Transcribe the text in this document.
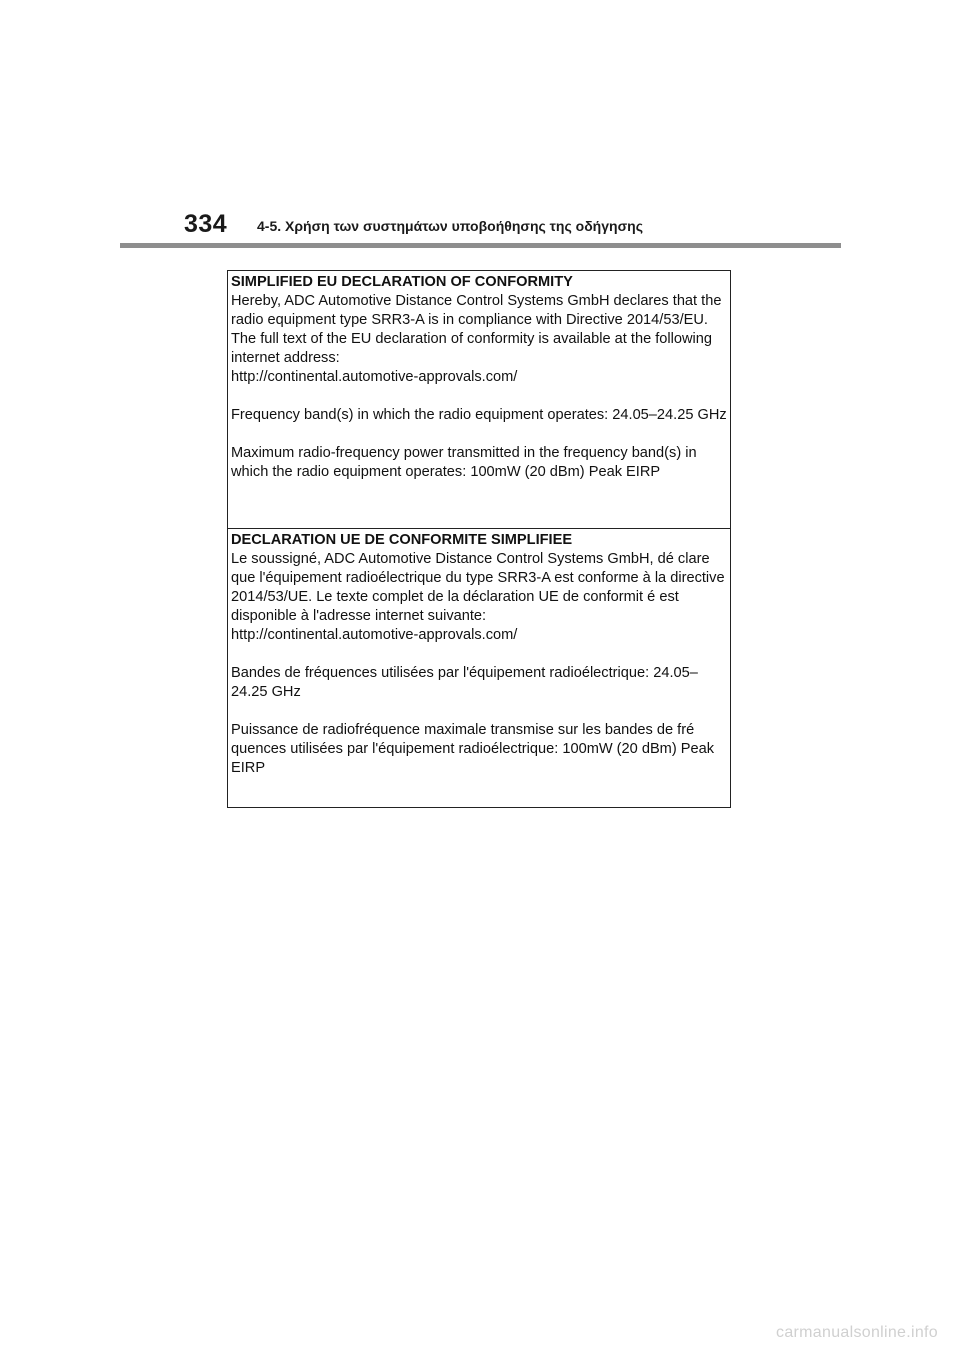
334 4-5. Χρήση των συστημάτων υποβοήθησης της οδήγησης

SIMPLIFIED EU DECLARATION OF CONFORMITY

Hereby, ADC Automotive Distance Control Systems GmbH declares that the radio equipment type SRR3-A is in compliance with Directive 2014/53/EU. The full text of the EU declaration of conformity is available at the following internet address:

http://continental.automotive-approvals.com/

Frequency band(s) in which the radio equipment operates: 24.05–24.25 GHz

Maximum radio-frequency power transmitted in the frequency band(s) in which the radio equipment operates: 100mW (20 dBm) Peak EIRP

DECLARATION UE DE CONFORMITE SIMPLIFIEE

Le soussigné, ADC Automotive Distance Control Systems GmbH, dé clare que l'équipement radioélectrique du type SRR3-A est conforme à la directive 2014/53/UE. Le texte complet de la déclaration UE de conformit é est disponible à l'adresse internet suivante:

http://continental.automotive-approvals.com/

Bandes de fréquences utilisées par l'équipement radioélectrique: 24.05–24.25 GHz

Puissance de radiofréquence maximale transmise sur les bandes de fré quences utilisées par l'équipement radioélectrique: 100mW (20 dBm) Peak EIRP

carmanualsonline.info
